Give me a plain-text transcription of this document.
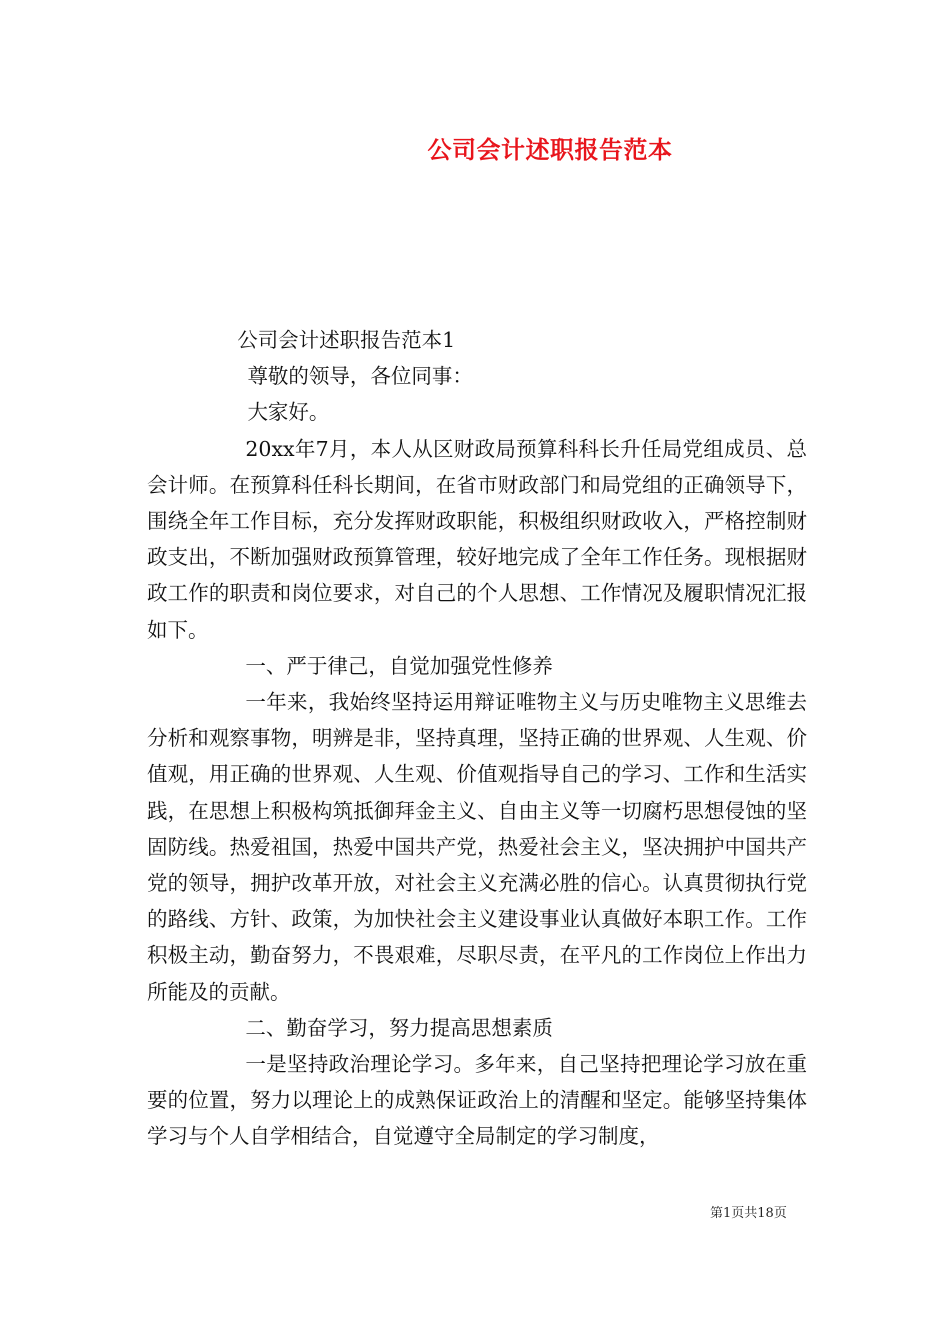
公司会计述职报告范本

公司会计述职报告范本1

尊敬的领导，各位同事：

大家好。

20xx年7月，本人从区财政局预算科科长升任局党组成员、总会计师。在预算科任科长期间，在省市财政部门和局党组的正确领导下，围绕全年工作目标，充分发挥财政职能，积极组织财政收入，严格控制财政支出，不断加强财政预算管理，较好地完成了全年工作任务。现根据财政工作的职责和岗位要求，对自己的个人思想、工作情况及履职情况汇报如下。

一、严于律己，自觉加强党性修养

一年来，我始终坚持运用辩证唯物主义与历史唯物主义思维去分析和观察事物，明辨是非，坚持真理，坚持正确的世界观、人生观、价值观，用正确的世界观、人生观、价值观指导自己的学习、工作和生活实践，在思想上积极构筑抵御拜金主义、自由主义等一切腐朽思想侵蚀的坚固防线。热爱祖国，热爱中国共产党，热爱社会主义，坚决拥护中国共产党的领导，拥护改革开放，对社会主义充满必胜的信心。认真贯彻执行党的路线、方针、政策，为加快社会主义建设事业认真做好本职工作。工作积极主动，勤奋努力，不畏艰难，尽职尽责，在平凡的工作岗位上作出力所能及的贡献。

二、勤奋学习，努力提高思想素质

一是坚持政治理论学习。多年来，自己坚持把理论学习放在重要的位置，努力以理论上的成熟保证政治上的清醒和坚定。能够坚持集体学习与个人自学相结合，自觉遵守全局制定的学习制度，

第1页共18页
